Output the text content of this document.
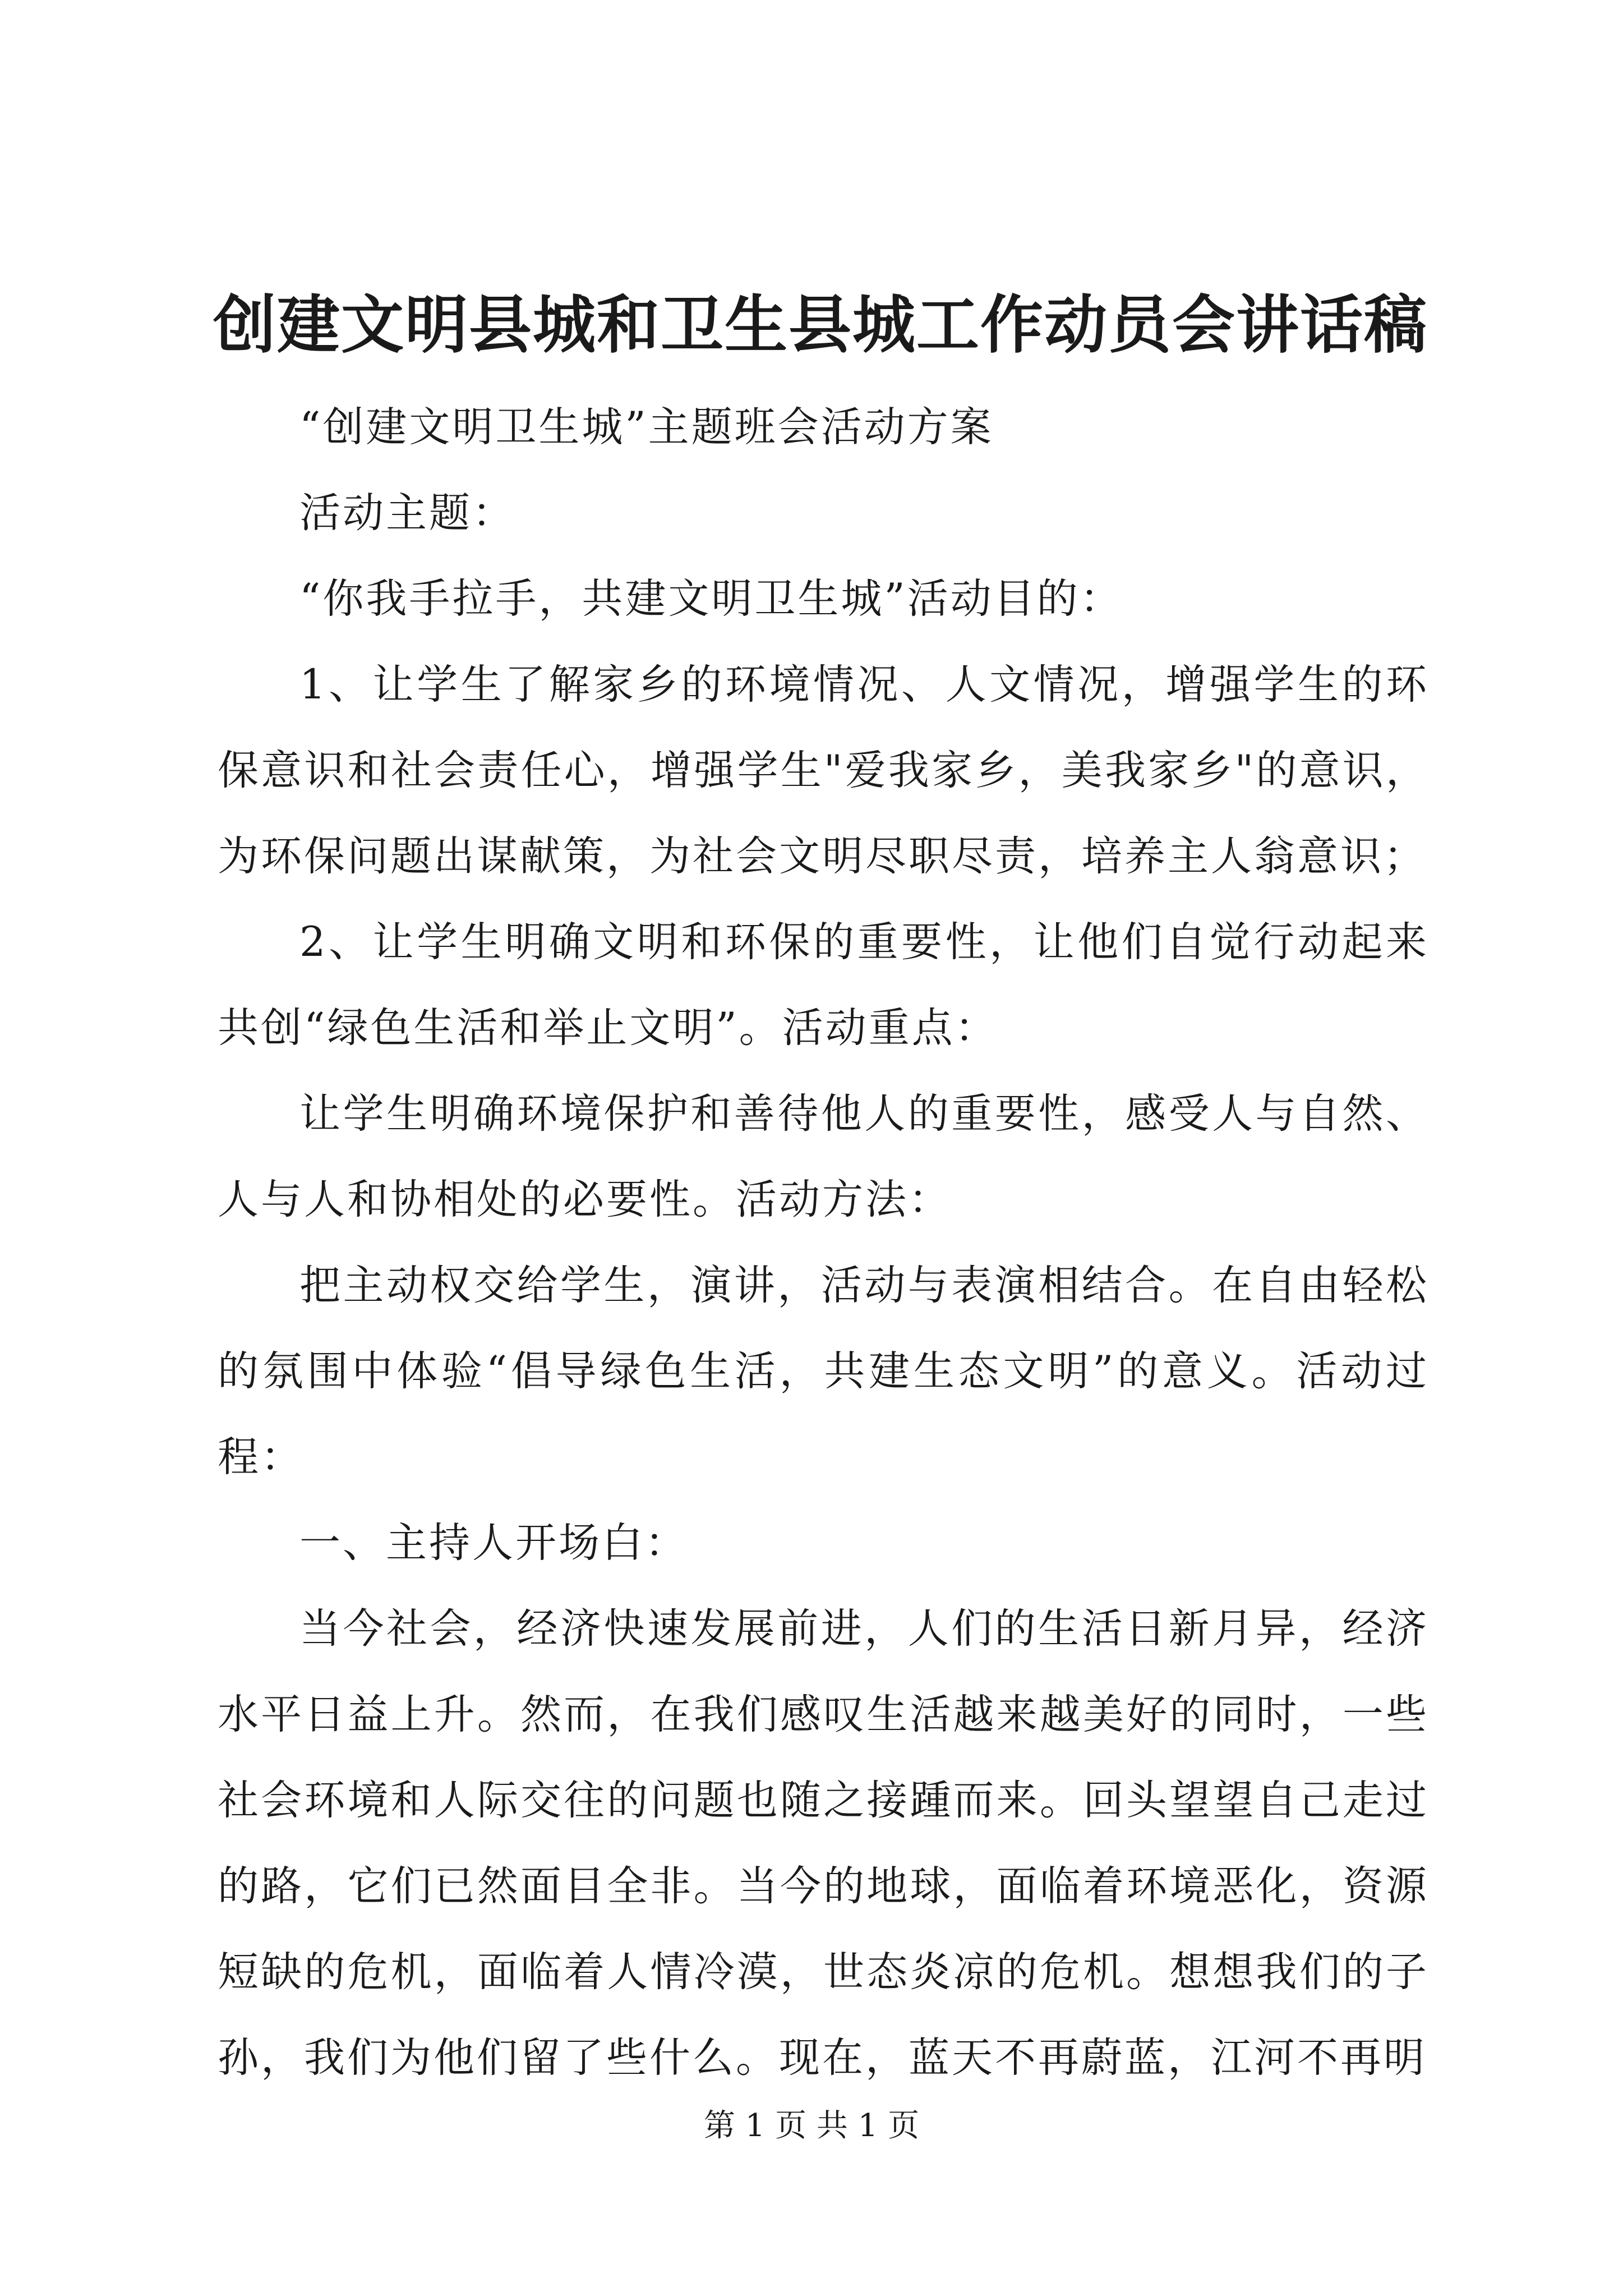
创建文明县城和卫生县城工作动员会讲话稿

“创建文明卫生城”主题班会活动方案

活动主题：

“你我手拉手，共建文明卫生城”活动目的：

1、让学生了解家乡的环境情况、人文情况，增强学生的环保意识和社会责任心，增强学生"爱我家乡，美我家乡"的意识，为环保问题出谋献策，为社会文明尽职尽责，培养主人翁意识；

2、让学生明确文明和环保的重要性，让他们自觉行动起来共创“绿色生活和举止文明”。活动重点：

让学生明确环境保护和善待他人的重要性，感受人与自然、人与人和协相处的必要性。活动方法：

把主动权交给学生，演讲，活动与表演相结合。在自由轻松的氛围中体验“倡导绿色生活，共建生态文明”的意义。活动过程：

一、主持人开场白：

当今社会，经济快速发展前进，人们的生活日新月异，经济水平日益上升。然而，在我们感叹生活越来越美好的同时，一些社会环境和人际交往的问题也随之接踵而来。回头望望自己走过的路，它们已然面目全非。当今的地球，面临着环境恶化，资源短缺的危机，面临着人情冷漠，世态炎凉的危机。想想我们的子孙，我们为他们留了些什么。现在，蓝天不再蔚蓝，江河不再明

第 1 页 共 1 页
